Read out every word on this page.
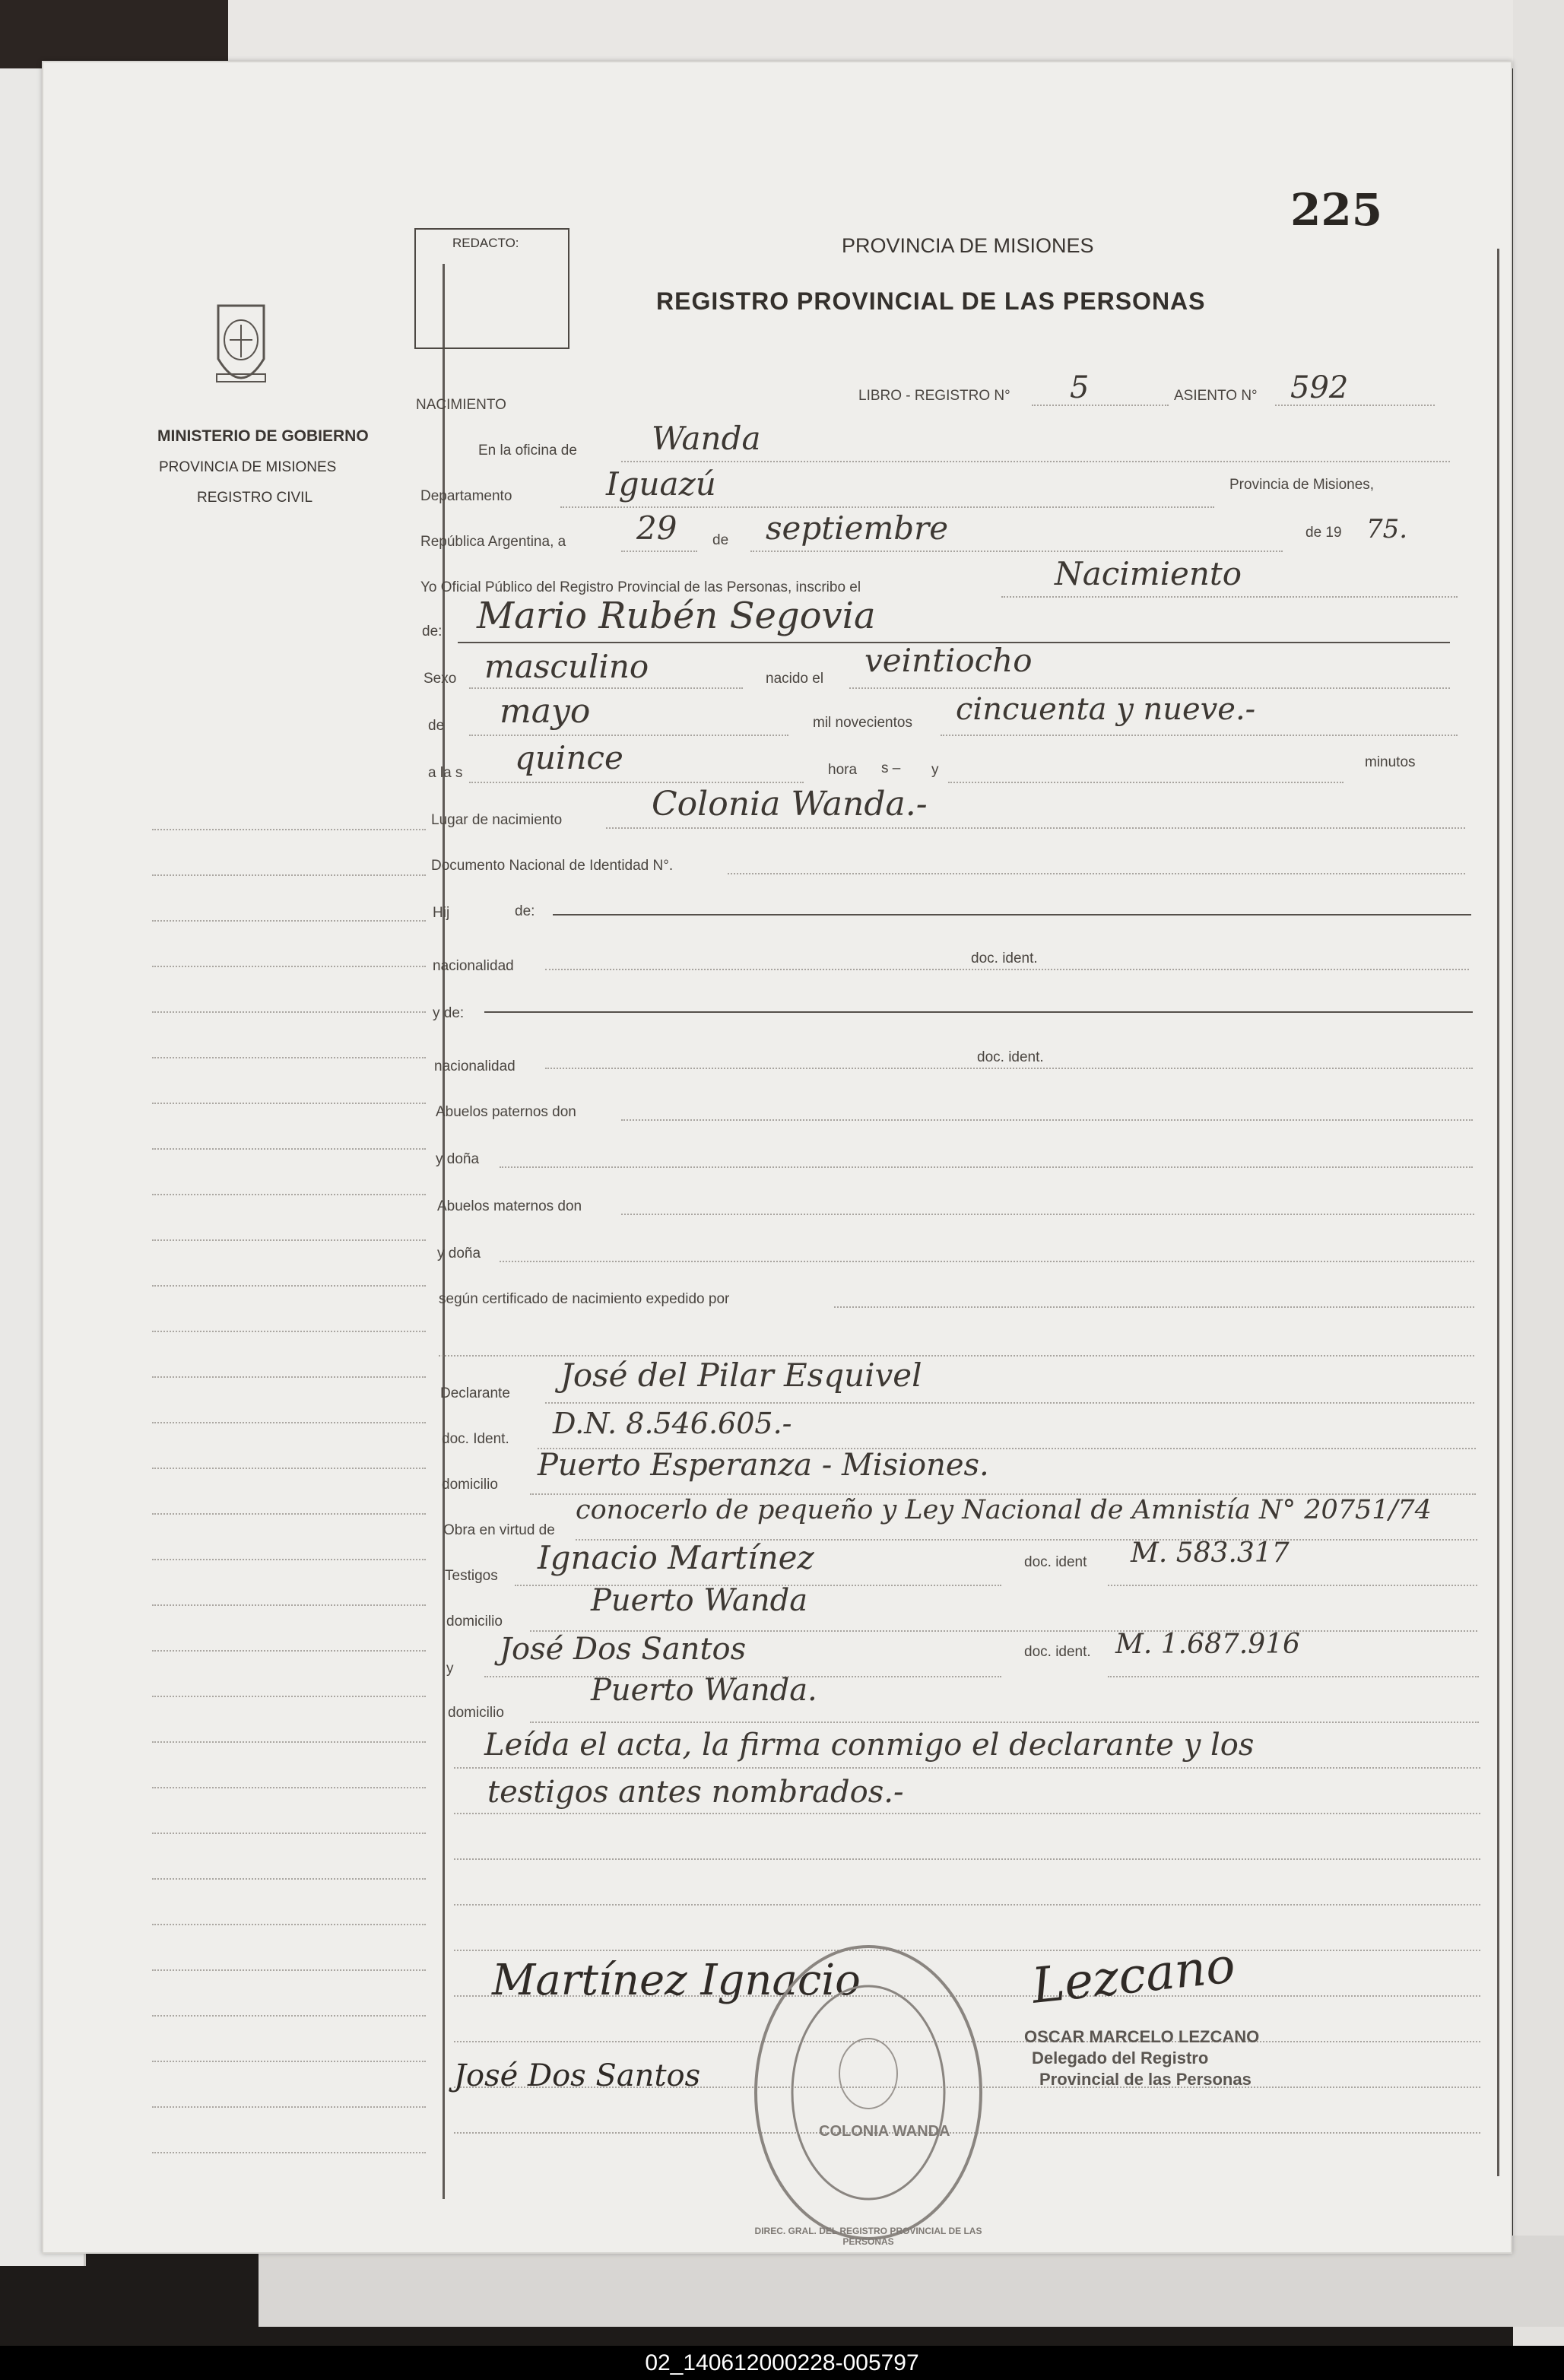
225
REDACTO:
MINISTERIO DE GOBIERNO
PROVINCIA DE MISIONES
REGISTRO CIVIL
PROVINCIA DE MISIONES
REGISTRO PROVINCIAL DE LAS PERSONAS
NACIMIENTO
LIBRO - REGISTRO N° 5	ASIENTO N° 592
En la oficina de Wanda
Departamento	Iguazú	Provincia de Misiones,
República Argentina, a 29 de septiembre	de 19 75.
Yo Oficial Público del Registro Provincial de las Personas, inscribo el	Nacimiento
de: Mario Rubén Segovia
Sexo masculino	nacido el veintiocho
de mayo	mil novecientos cincuenta y nueve.-
a la s quince	hora s – y	minutos
Lugar de nacimiento	Colonia Wanda.-
Documento Nacional de Identidad N°.
Hij	de:
nacionalidad	doc. ident.
y de:
nacionalidad
doc. ident.
Abuelos paternos don
y doña
Abuelos maternos don
y doña
según certificado de nacimiento expedido por
Declarante José del Pilar Esquivel
doc. Ident. D.N. 8.546.605.-
domicilio
Puerto Esperanza - Misiones.
Obra en virtud de
conocerlo de pequeño y Ley Nacional de Amnistía N° 20751/74
Testigos Ignacio Martínez	doc. ident M. 583.317
domicilio
Puerto Wanda
y
José Dos Santos	doc. ident. M. 1.687.916
domicilio
Puerto Wanda.
Leída el acta, la firma conmigo el declarante y los
testigos antes nombrados.-
Martínez Ignacio
José Dos Santos
Lezcano
OSCAR MARCELO LEZCANO
Delegado del Registro
Provincial de las Personas
COLONIA WANDA
DIREC. GRAL. DEL REGISTRO PROVINCIAL DE LAS PERSONAS
02_140612000228-005797
